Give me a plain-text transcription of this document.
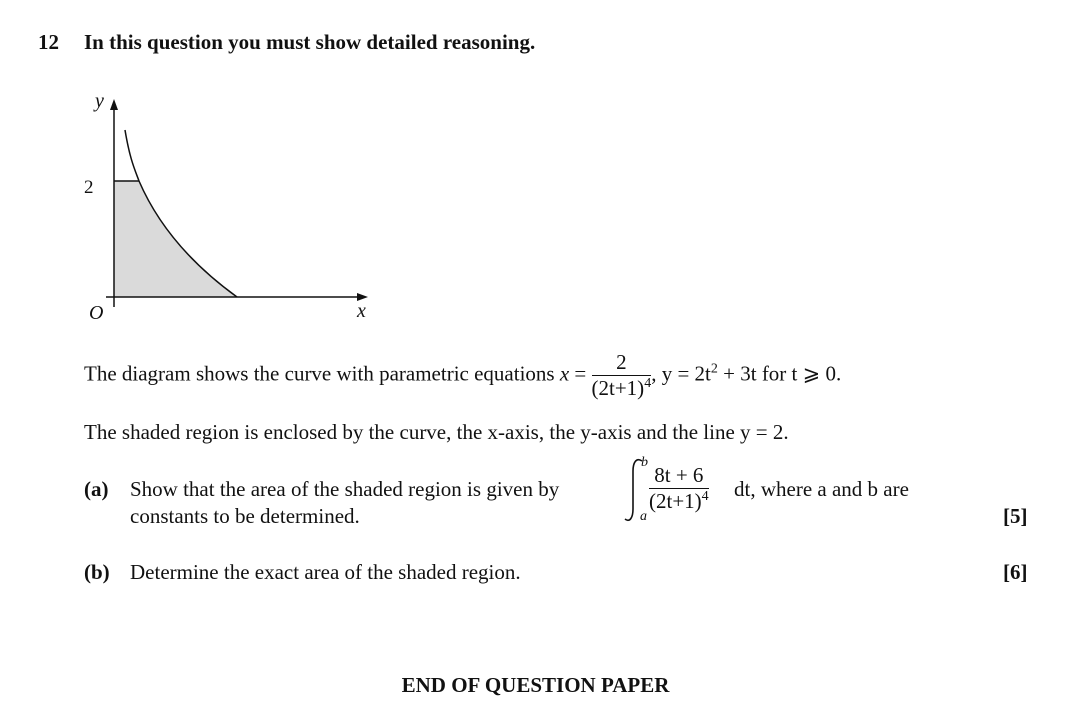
12 In this question you must show detailed reasoning.
y
x
O
2
The diagram shows the curve with parametric equations $x = \frac{2}{(2t+1)^4}$ , $y = 2t^2 + 3t$ for t ⩾ 0.
The shaded region is enclosed by the curve, the x-axis, the y-axis and the line y = 2.
(a) Show that the area of the shaded region is given by
constants to be determined.
b
a
$\frac{8t + 6}{(2t+1)^4}$ dt, where a and b are
[5]
(b) Determine the exact area of the shaded region.	[6]
END OF QUESTION PAPER
